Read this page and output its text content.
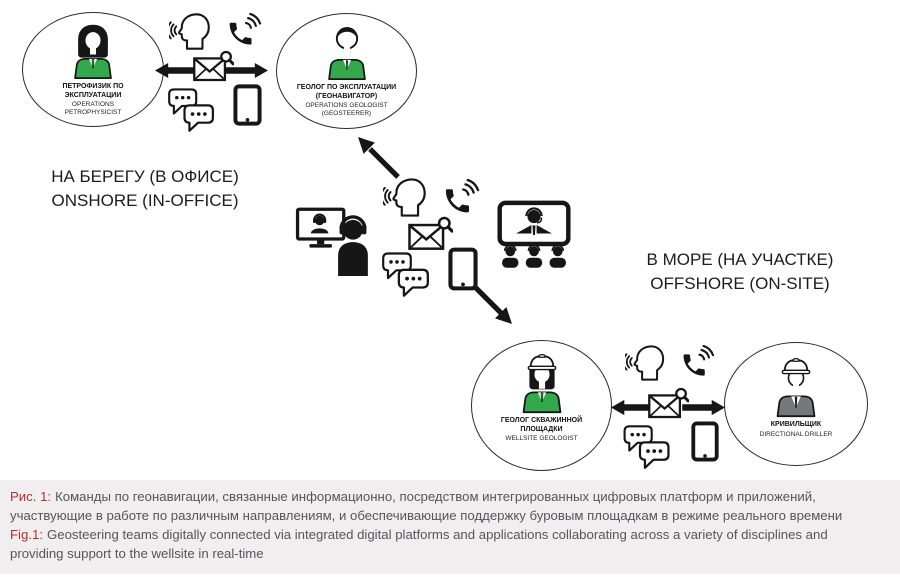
ПЕТРОФИЗИК ПО
ЭКСПЛУАТАЦИИ
OPERATIONS
PETROPHYSICIST
ГЕОЛОГ ПО ЭКСПЛУАТАЦИИ
(ГЕОНАВИГАТОР)
OPERATIONS GEOLOGIST
(GEOSTEERER)
ГЕОЛОГ СКВАЖИННОЙ
ПЛОЩАДКИ
WELLSITE GEOLOGIST
КРИВИЛЬЩИК
DIRECTIONAL DRILLER
НА БЕРЕГУ (В ОФИСЕ)
ONSHORE (IN-OFFICE)
В МОРЕ (НА УЧАСТКЕ)
OFFSHORE (ON-SITE)
Рис. 1: Команды по геонавигации, связанные информационно, посредством интегрированных цифровых платформ и приложений,
участвующие в работе по различным направлениям, и обеспечивающие поддержку буровым площадкам в режиме реального времени
Fig.1: Geosteering teams digitally connected via integrated digital platforms and applications collaborating across a variety of disciplines and
providing support to the wellsite in real-time
